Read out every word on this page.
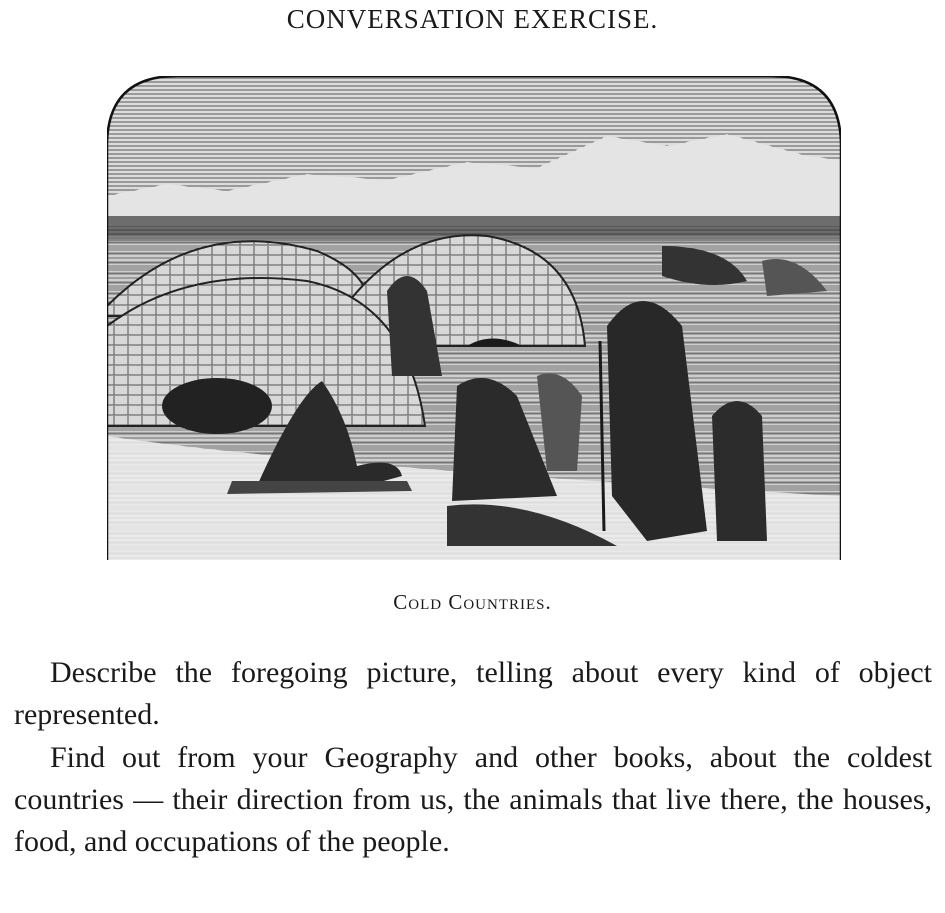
CONVERSATION EXERCISE.
Cold Countries.

Describe the foregoing picture, telling about every kind of object represented.

Find out from your Geography and other books, about the coldest countries — their direction from us, the animals that live there, the houses, food, and occupations of the people.
